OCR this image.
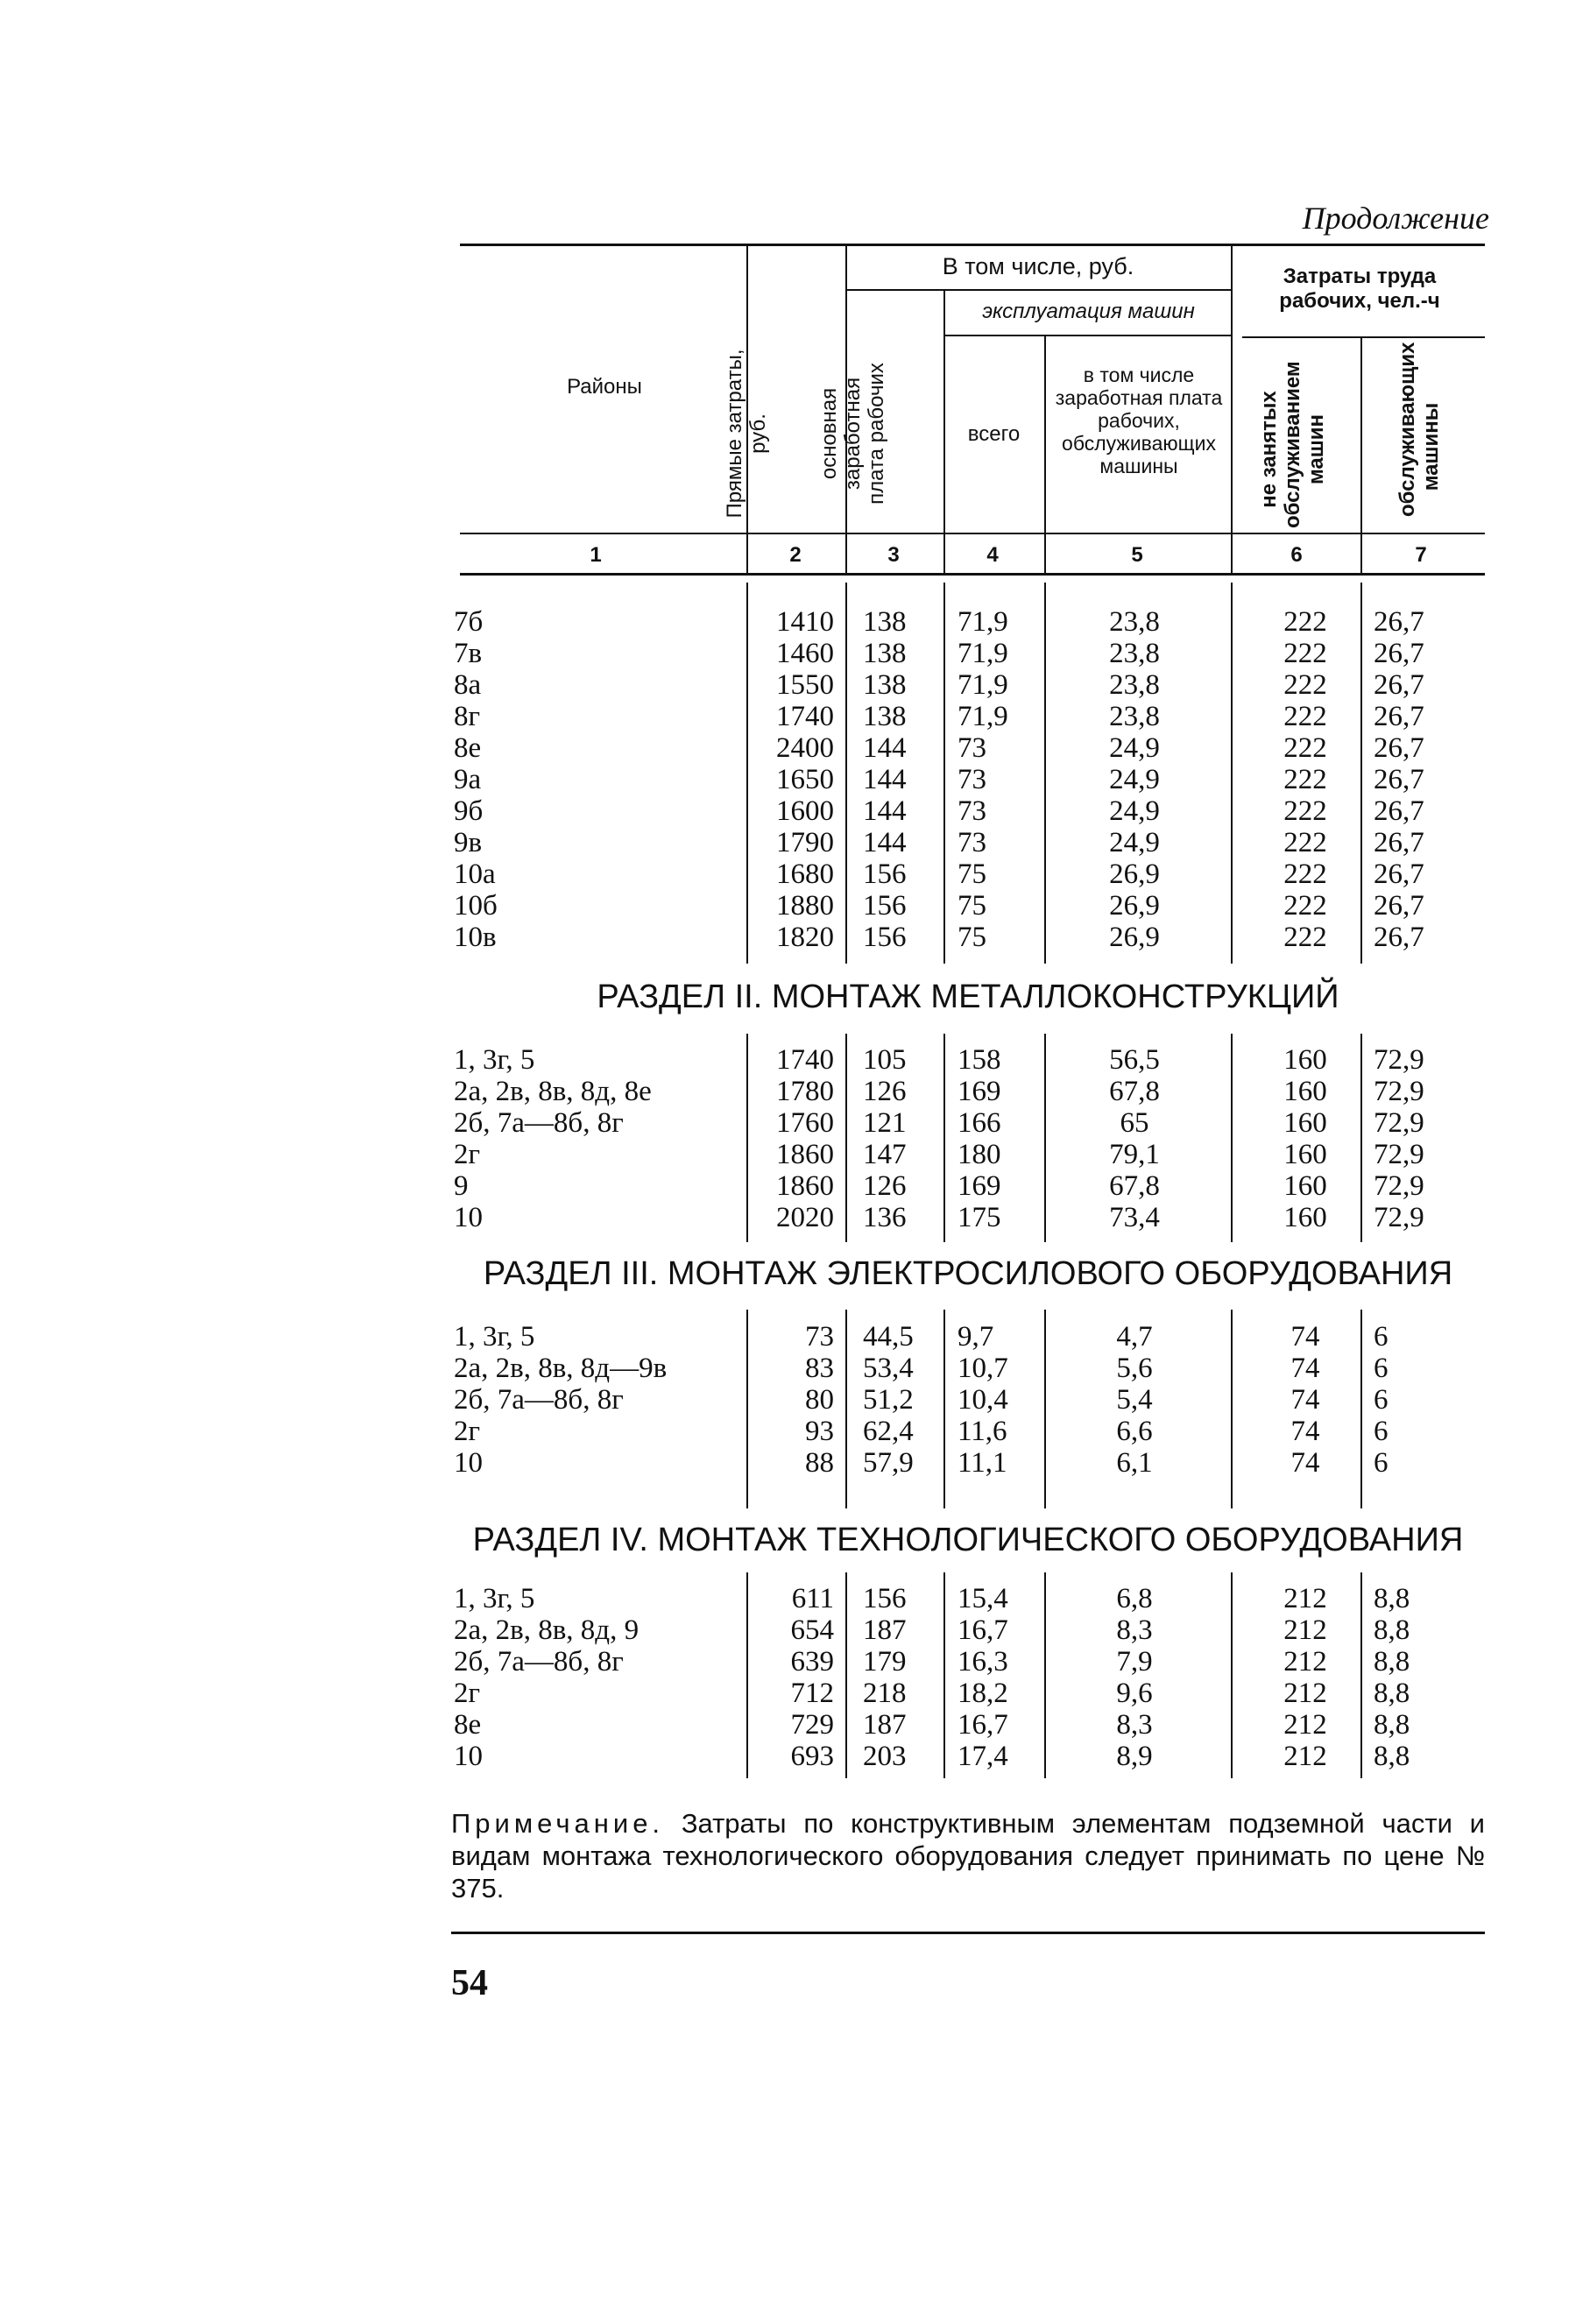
Продолжение
Районы
В том числе, руб.
эксплуатация машин
Затраты труда рабочих, чел.-ч
всего
в том числе заработная плата рабочих, обслуживающих машины
Прямые затраты, руб.	основная заработная плата рабочих	не занятых обслуживанием машин	обслуживающих машины
1	2	3	4	5	6	7
7б	1410 138	71,9	23,8	222	26,7
7в	1460 138	71,9	23,8	222	26,7
8а	1550 138	71,9	23,8	222	26,7
8г	1740 138	71,9	23,8	222	26,7
8е	2400 144	73	24,9	222	26,7
9а	1650 144	73	24,9	222	26,7
9б	1600 144	73	24,9	222	26,7
9в	1790 144	73	24,9	222	26,7
10а	1680 156	75	26,9	222	26,7
10б	1880 156	75	26,9	222	26,7
10в	1820 156	75	26,9	222	26,7
РАЗДЕЛ II. МОНТАЖ МЕТАЛЛОКОНСТРУКЦИЙ
1, 3г, 5	1740 105	158	56,5	160	72,9
2а, 2в, 8в, 8д, 8е	1780 126	169	67,8	160	72,9
2б, 7а—8б, 8г	1760 121	166	65	160	72,9
2г	1860 147	180	79,1	160	72,9
9	1860 126	169	67,8	160	72,9
10	2020 136	175	73,4	160	72,9
РАЗДЕЛ III. МОНТАЖ ЭЛЕКТРОСИЛОВОГО ОБОРУДОВАНИЯ
1, 3г, 5	73 44,5	9,7	4,7	74	6
2а, 2в, 8в, 8д—9в	83 53,4	10,7	5,6	74	6
2б, 7а—8б, 8г	80 51,2	10,4	5,4	74	6
2г	93 62,4	11,6	6,6	74	6
10	88 57,9	11,1	6,1	74	6
РАЗДЕЛ IV. МОНТАЖ ТЕХНОЛОГИЧЕСКОГО ОБОРУДОВАНИЯ
1, 3г, 5	611 156	15,4	6,8	212	8,8
2а, 2в, 8в, 8д, 9	654 187	16,7	8,3	212	8,8
2б, 7а—8б, 8г	639 179	16,3	7,9	212	8,8
2г	712 218	18,2	9,6	212	8,8
8е	729 187	16,7	8,3	212	8,8
10	693 203	17,4	8,9	212	8,8
Примечание. Затраты по конструктивным элементам подземной части и видам монтажа технологического оборудования следует принимать по цене № 375.
54
